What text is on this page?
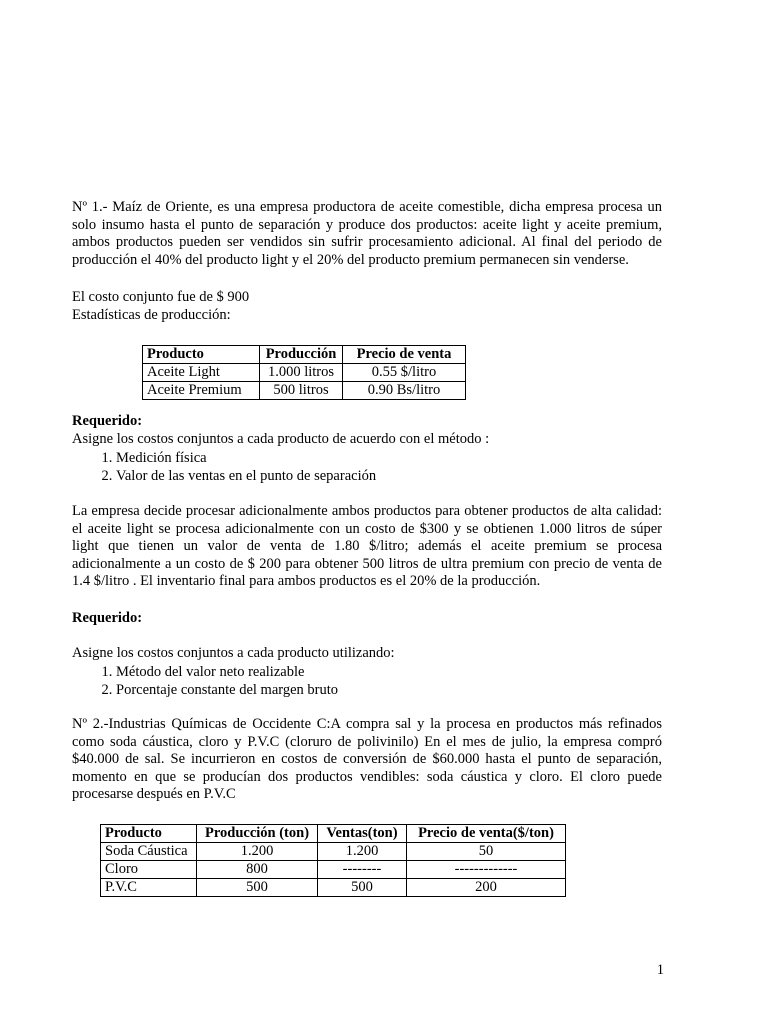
Nº 1.- Maíz de Oriente, es una empresa productora de aceite comestible, dicha empresa procesa un solo insumo hasta el punto de separación y produce dos productos: aceite light y aceite premium, ambos productos pueden ser vendidos sin sufrir procesamiento adicional. Al final del periodo de producción el 40% del producto light y el 20% del producto premium permanecen sin venderse.
El costo conjunto fue de $ 900
Estadísticas de producción:
Producto	Producción	Precio de venta
Aceite Light	1.000 litros	0.55 $/litro
Aceite Premium	500 litros	0.90 Bs/litro
Requerido:
Asigne los costos conjuntos a cada producto de acuerdo con el método :
1. Medición física
2. Valor de las ventas en el punto de separación
La empresa decide procesar adicionalmente ambos productos para obtener productos de alta calidad: el aceite light se procesa adicionalmente con un costo de $300 y se obtienen 1.000 litros de súper light que tienen un valor de venta de 1.80 $/litro; además el aceite premium se procesa adicionalmente a un costo de $ 200 para obtener 500 litros de ultra premium con precio de venta de 1.4 $/litro . El inventario final para ambos productos es el 20% de la producción.
Requerido:
Asigne los costos conjuntos a cada producto utilizando:
1. Método del valor neto realizable
2. Porcentaje constante del margen bruto
Nº 2.-Industrias Químicas de Occidente C:A compra sal y la procesa en productos más refinados como soda cáustica, cloro y P.V.C (cloruro de polivinilo) En el mes de julio, la empresa compró $40.000 de sal. Se incurrieron en costos de conversión de $60.000 hasta el punto de separación, momento en que se producían dos productos vendibles: soda cáustica y cloro. El cloro puede procesarse después en P.V.C
Producto	Producción (ton)	Ventas(ton)	Precio de venta($/ton)
Soda Cáustica	1.200	1.200	50
Cloro	800	--------	-------------
P.V.C	500	500	200
1
